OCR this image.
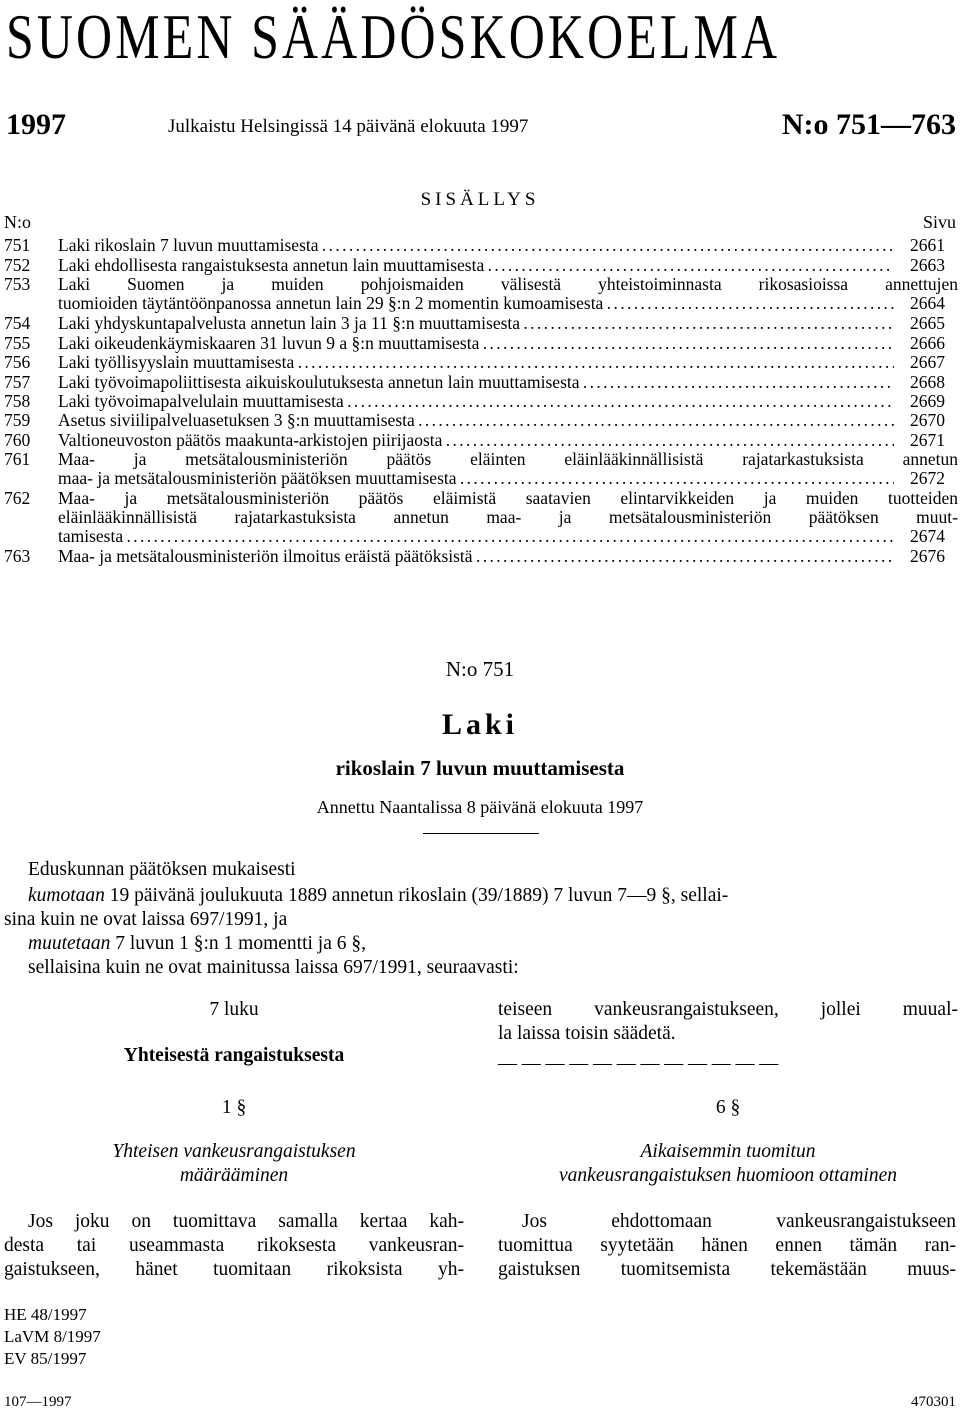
SUOMEN SÄÄDÖSKOKOELMA
1997	Julkaistu Helsingissä 14 päivänä elokuuta 1997	N:o 751—763
SISÄLLYS
N:o	Sivu
751 Laki rikoslain 7 luvun muuttamisesta . . .	2661
752 Laki ehdollisesta rangaistuksesta annetun lain muuttamisesta . . .	2663
753 Laki Suomen ja muiden pohjoismaiden välisestä yhteistoiminnasta rikosasioissa annettujen
tuomioiden täytäntöönpanossa annetun lain 29 §:n 2 momentin kumoamisesta . . .	2664
754 Laki yhdyskuntapalvelusta annetun lain 3 ja 11 §:n muuttamisesta . . .	2665
755 Laki oikeudenkäymiskaaren 31 luvun 9 a §:n muuttamisesta . . .	2666
756 Laki työllisyyslain muuttamisesta . . .	2667
757 Laki työvoimapoliittisesta aikuiskoulutuksesta annetun lain muuttamisesta . . .	2668
758 Laki työvoimapalvelulain muuttamisesta . . .	2669
759 Asetus siviilipalveluasetuksen 3 §:n muuttamisesta . . .	2670
760 Valtioneuvoston päätös maakunta-arkistojen piirijaosta . . .	2671
761 Maa- ja metsätalousministeriön päätös eläinten eläinlääkinnällisistä rajatarkastuksista annetun
maa- ja metsätalousministeriön päätöksen muuttamisesta . . .	2672
762 Maa- ja metsätalousministeriön päätös eläimistä saatavien elintarvikkeiden ja muiden tuotteiden
eläinlääkinnällisistä rajatarkastuksista annetun maa- ja metsätalousministeriön päätöksen muut-
tamisesta . . .	2674
763 Maa- ja metsätalousministeriön ilmoitus eräistä päätöksistä . . .	2676
N:o 751
Laki
rikoslain 7 luvun muuttamisesta
Annettu Naantalissa 8 päivänä elokuuta 1997
Eduskunnan päätöksen mukaisesti
kumotaan 19 päivänä joulukuuta 1889 annetun rikoslain (39/1889) 7 luvun 7—9 §, sellai-
sina kuin ne ovat laissa 697/1991, ja
muutetaan 7 luvun 1 §:n 1 momentti ja 6 §,
sellaisina kuin ne ovat mainitussa laissa 697/1991, seuraavasti:
7 luku
Yhteisestä rangaistuksesta
1 §
Yhteisen vankeusrangaistuksen
määrääminen
Jos joku on tuomittava samalla kertaa kah-
desta tai useammasta rikoksesta vankeusran-
gaistukseen, hänet tuomitaan rikoksista yh-
teiseen vankeusrangaistukseen, jollei muual-
la laissa toisin säädetä.
— — — — — — — — — — — —
6 §
Aikaisemmin tuomitun
vankeusrangaistuksen huomioon ottaminen
Jos ehdottomaan vankeusrangaistukseen
tuomittua syytetään hänen ennen tämän ran-
gaistuksen tuomitsemista tekemästään muus-
HE 48/1997
LaVM 8/1997
EV 85/1997
107—1997	470301
